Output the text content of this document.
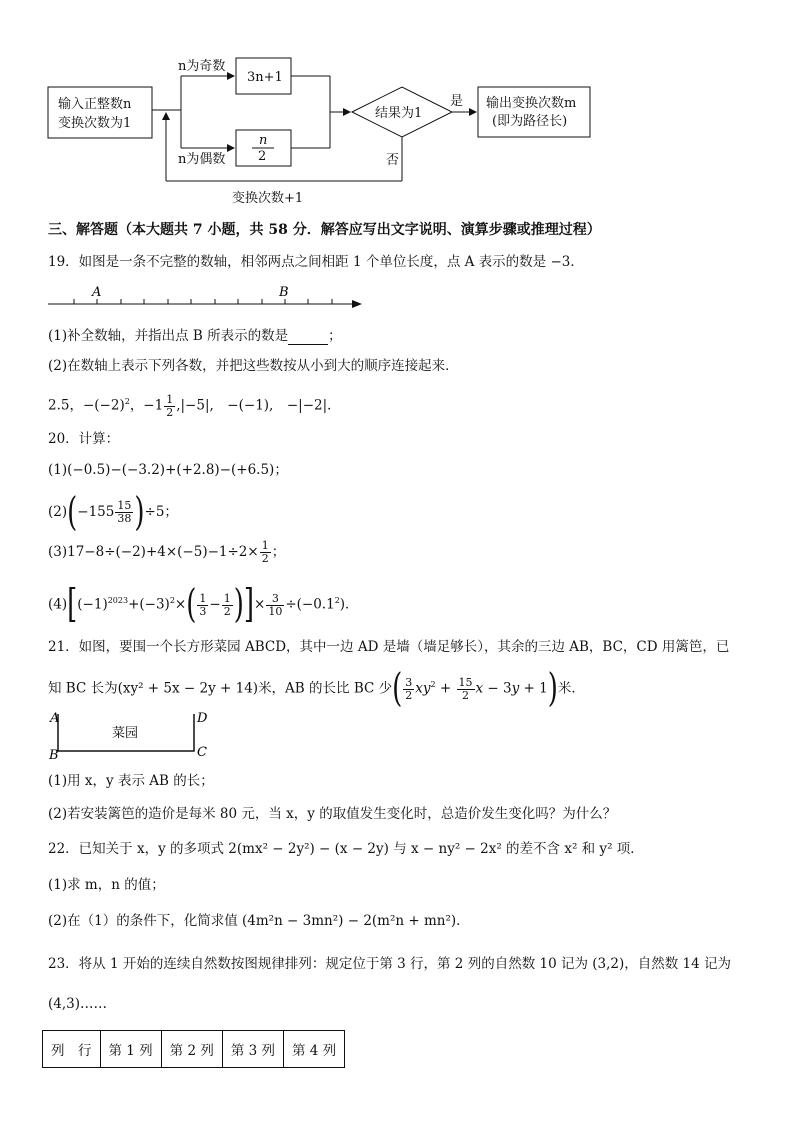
输入正整数n
变换次数为1
n为奇数
3n+1
n为偶数
n
2
结果为1
是
否
输出变换次数m
(即为路径长)
变换次数+1
三、解答题（本大题共 7 小题，共 58 分．解答应写出文字说明、演算步骤或推理过程）
19．如图是一条不完整的数轴，相邻两点之间相距 1 个单位长度，点 A 表示的数是 −3．
A	B
(1)补全数轴，并指出点 B 所表示的数是	；
(2)在数轴上表示下列各数，并把这些数按从小到大的顺序连接起来．
2.5，$-(-2)^2$，$-1 \frac{1}{2} ,|-5|$,　−(−1),　−|−2|．
20．计算：
(1)(−0.5)−(−3.2)+(+2.8)−(+6.5)；
$(2)(-155 \frac{15}{38} )\div 5$；
$(3)17-8\div(-2)+4\times(-5)-1\div 2\times \frac{1}{2}$ ；
$(4)[(-1)^{2023}+(-3)^2\times( \frac{1}{3} - \frac{1}{2}$ )]× $\frac{3}{10} \div(-0.1^2)$．
21．如图，要围一个长方形菜园 ABCD，其中一边 AD 是墙（墙足够长），其余的三边 AB，BC，CD 用篱笆，已
知 BC 长为(xy² + 5x − 2y + 14)米，AB 的长比 BC 少( $\frac{3}{2} xy^2 + \frac{15}{2}$ x − 3y + 1)米．
A
B	C
D
菜园
(1)用 x，y 表示 AB 的长；
(2)若安装篱笆的造价是每米 80 元，当 x，y 的取值发生变化时，总造价发生变化吗？为什么？
22．已知关于 x，y 的多项式 2(mx² − 2y²) − (x − 2y) 与 x − ny² − 2x² 的差不含 x² 和 y² 项．
(1)求 m，n 的值；
(2)在（1）的条件下，化简求值 (4m²n − 3mn²) − 2(m²n + mn²)．
23．将从 1 开始的连续自然数按图规律排列：规定位于第 3 行，第 2 列的自然数 10 记为 (3,2)，自然数 14 记为
(4,3)……
列　行	第 1 列	第 2 列	第 3 列	第 4 列
